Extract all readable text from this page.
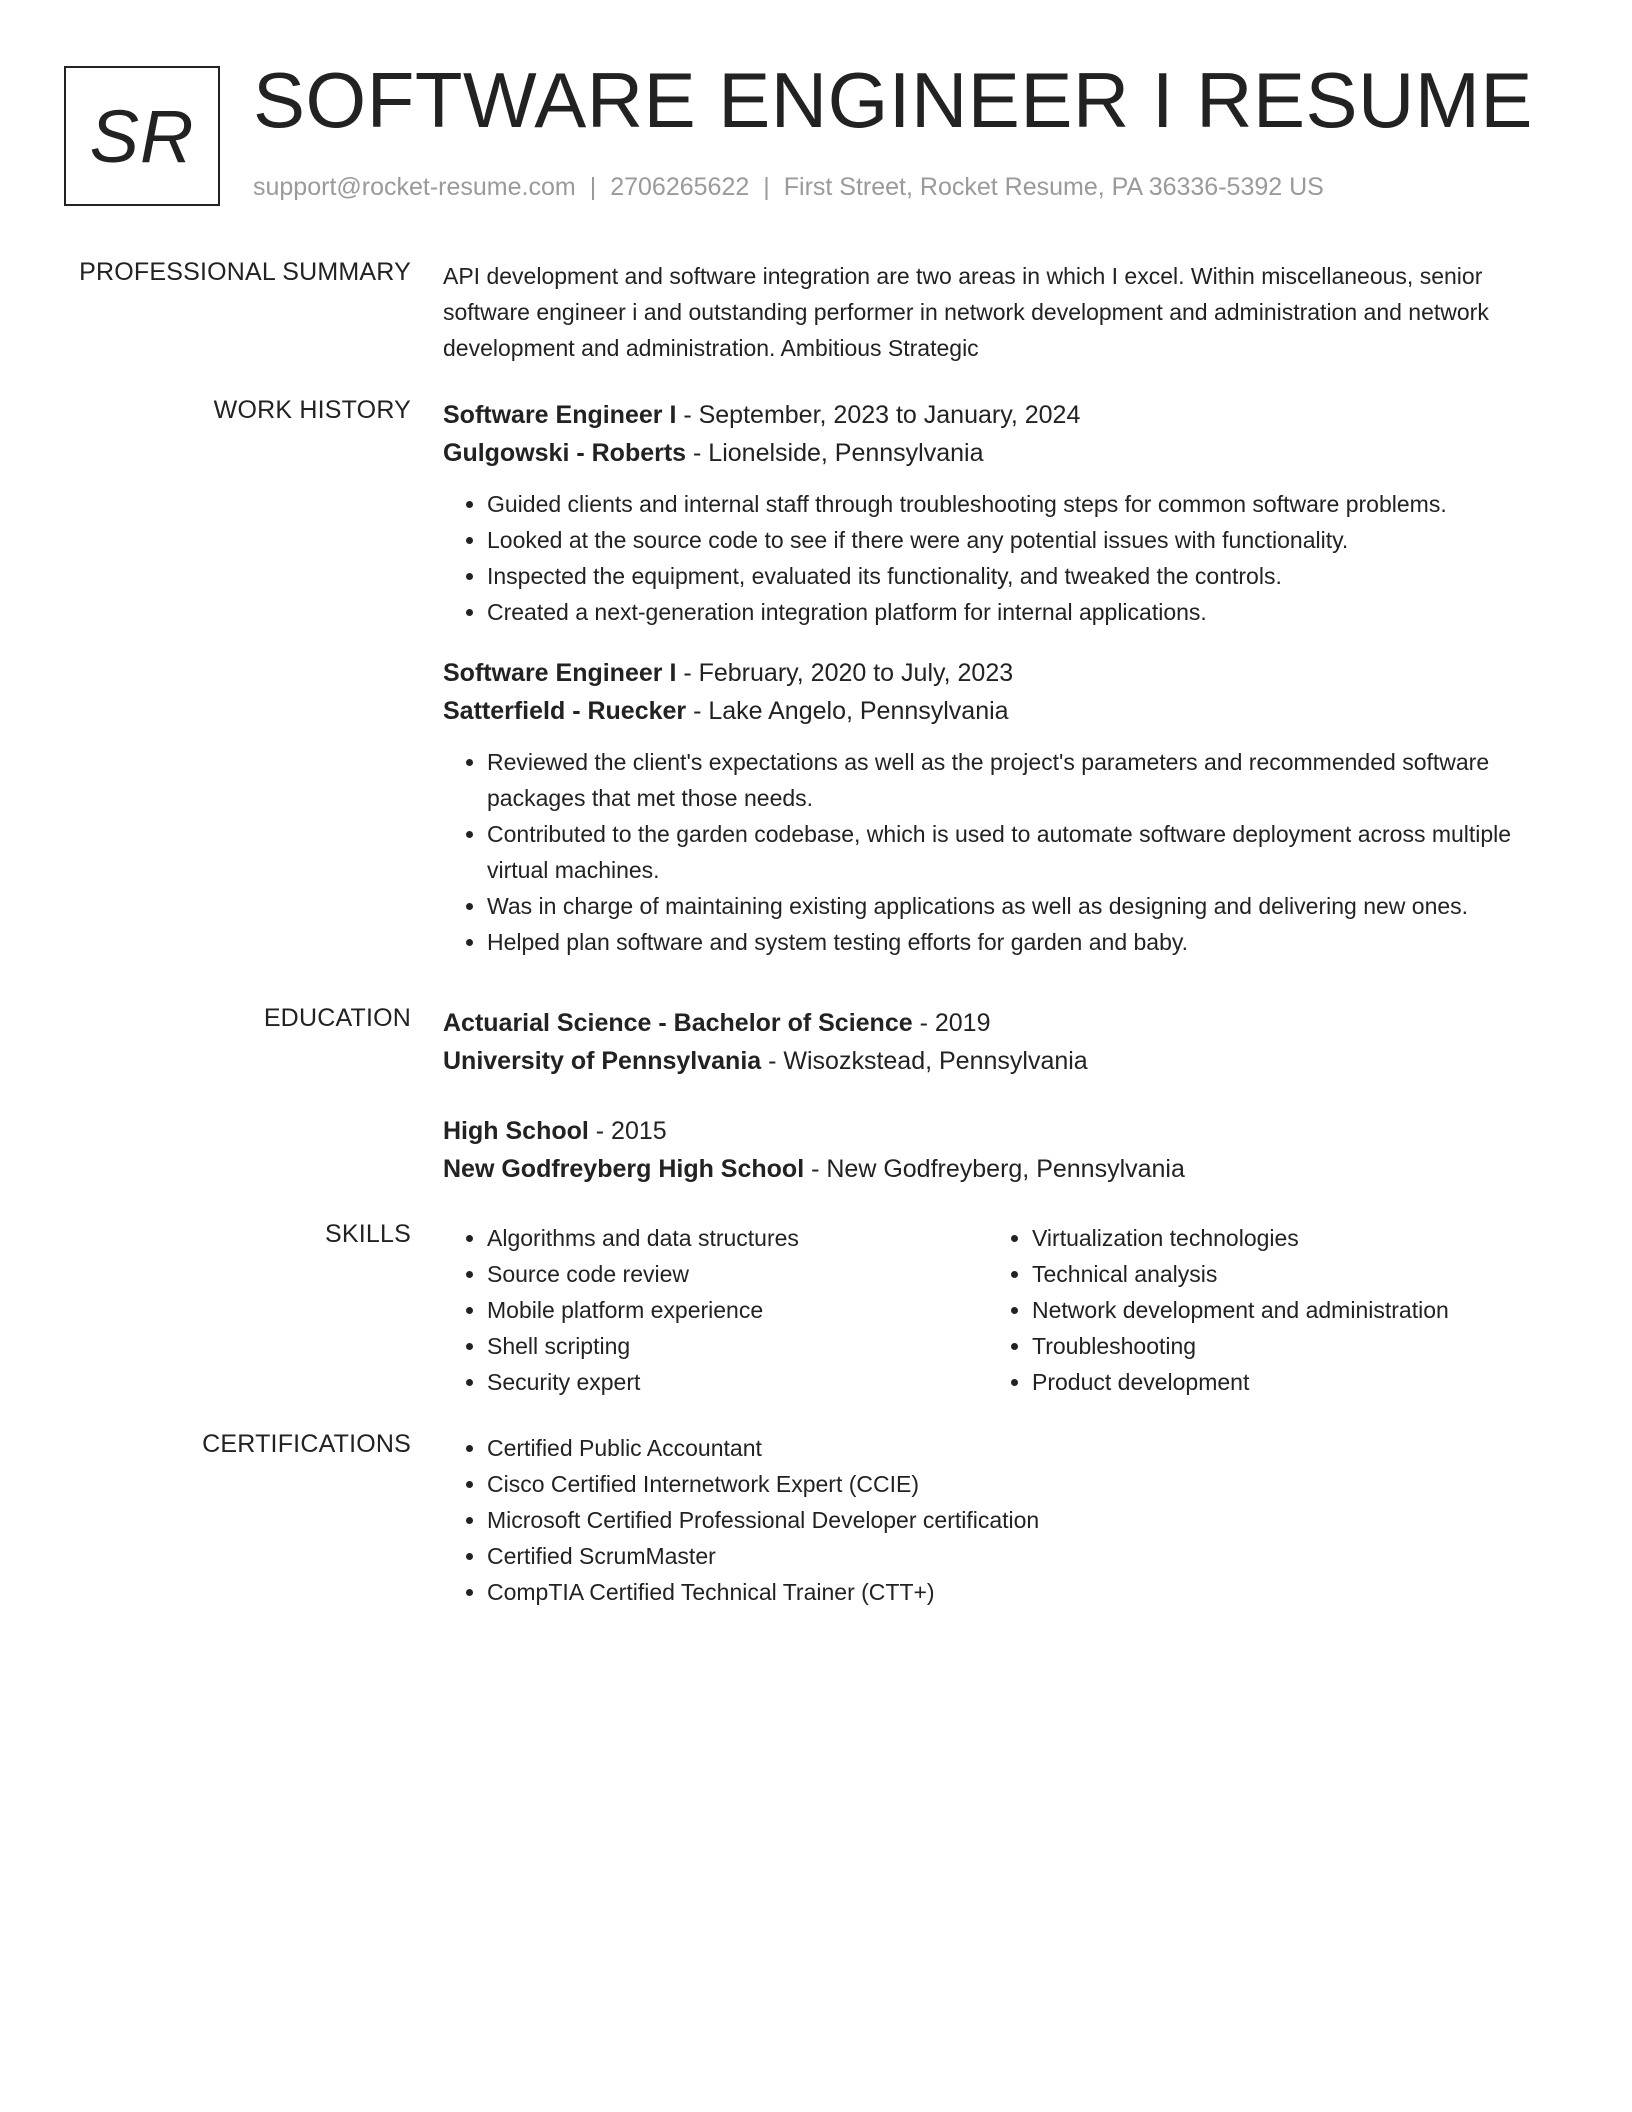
SR SOFTWARE ENGINEER I RESUME
support@rocket-resume.com | 2706265622 | First Street, Rocket Resume, PA 36336-5392 US
PROFESSIONAL SUMMARY API development and software integration are two areas in which I excel. Within miscellaneous, senior software engineer i and outstanding performer in network development and administration and network development and administration. Ambitious Strategic

WORK HISTORY Software Engineer I - September, 2023 to January, 2024
Gulgowski - Roberts - Lionelside, Pennsylvania
• Guided clients and internal staff through troubleshooting steps for common software problems.
• Looked at the source code to see if there were any potential issues with functionality.
• Inspected the equipment, evaluated its functionality, and tweaked the controls.
• Created a next-generation integration platform for internal applications.
Software Engineer I - February, 2020 to July, 2023
Satterfield - Ruecker - Lake Angelo, Pennsylvania
• Reviewed the client's expectations as well as the project's parameters and recommended software packages that met those needs.
• Contributed to the garden codebase, which is used to automate software deployment across multiple virtual machines.
• Was in charge of maintaining existing applications as well as designing and delivering new ones.
• Helped plan software and system testing efforts for garden and baby.
EDUCATION Actuarial Science - Bachelor of Science - 2019
University of Pennsylvania - Wisozkstead, Pennsylvania
High School - 2015
New Godfreyberg High School - New Godfreyberg, Pennsylvania
SKILLS	• Algorithms and data structures
• Source code review
• Mobile platform experience
• Shell scripting
• Security expert
• Virtualization technologies
• Technical analysis
• Network development and administration
• Troubleshooting
• Product development
CERTIFICATIONS	• Certified Public Accountant
• Cisco Certified Internetwork Expert (CCIE)
• Microsoft Certified Professional Developer certification
• Certified ScrumMaster
• CompTIA Certified Technical Trainer (CTT+)
